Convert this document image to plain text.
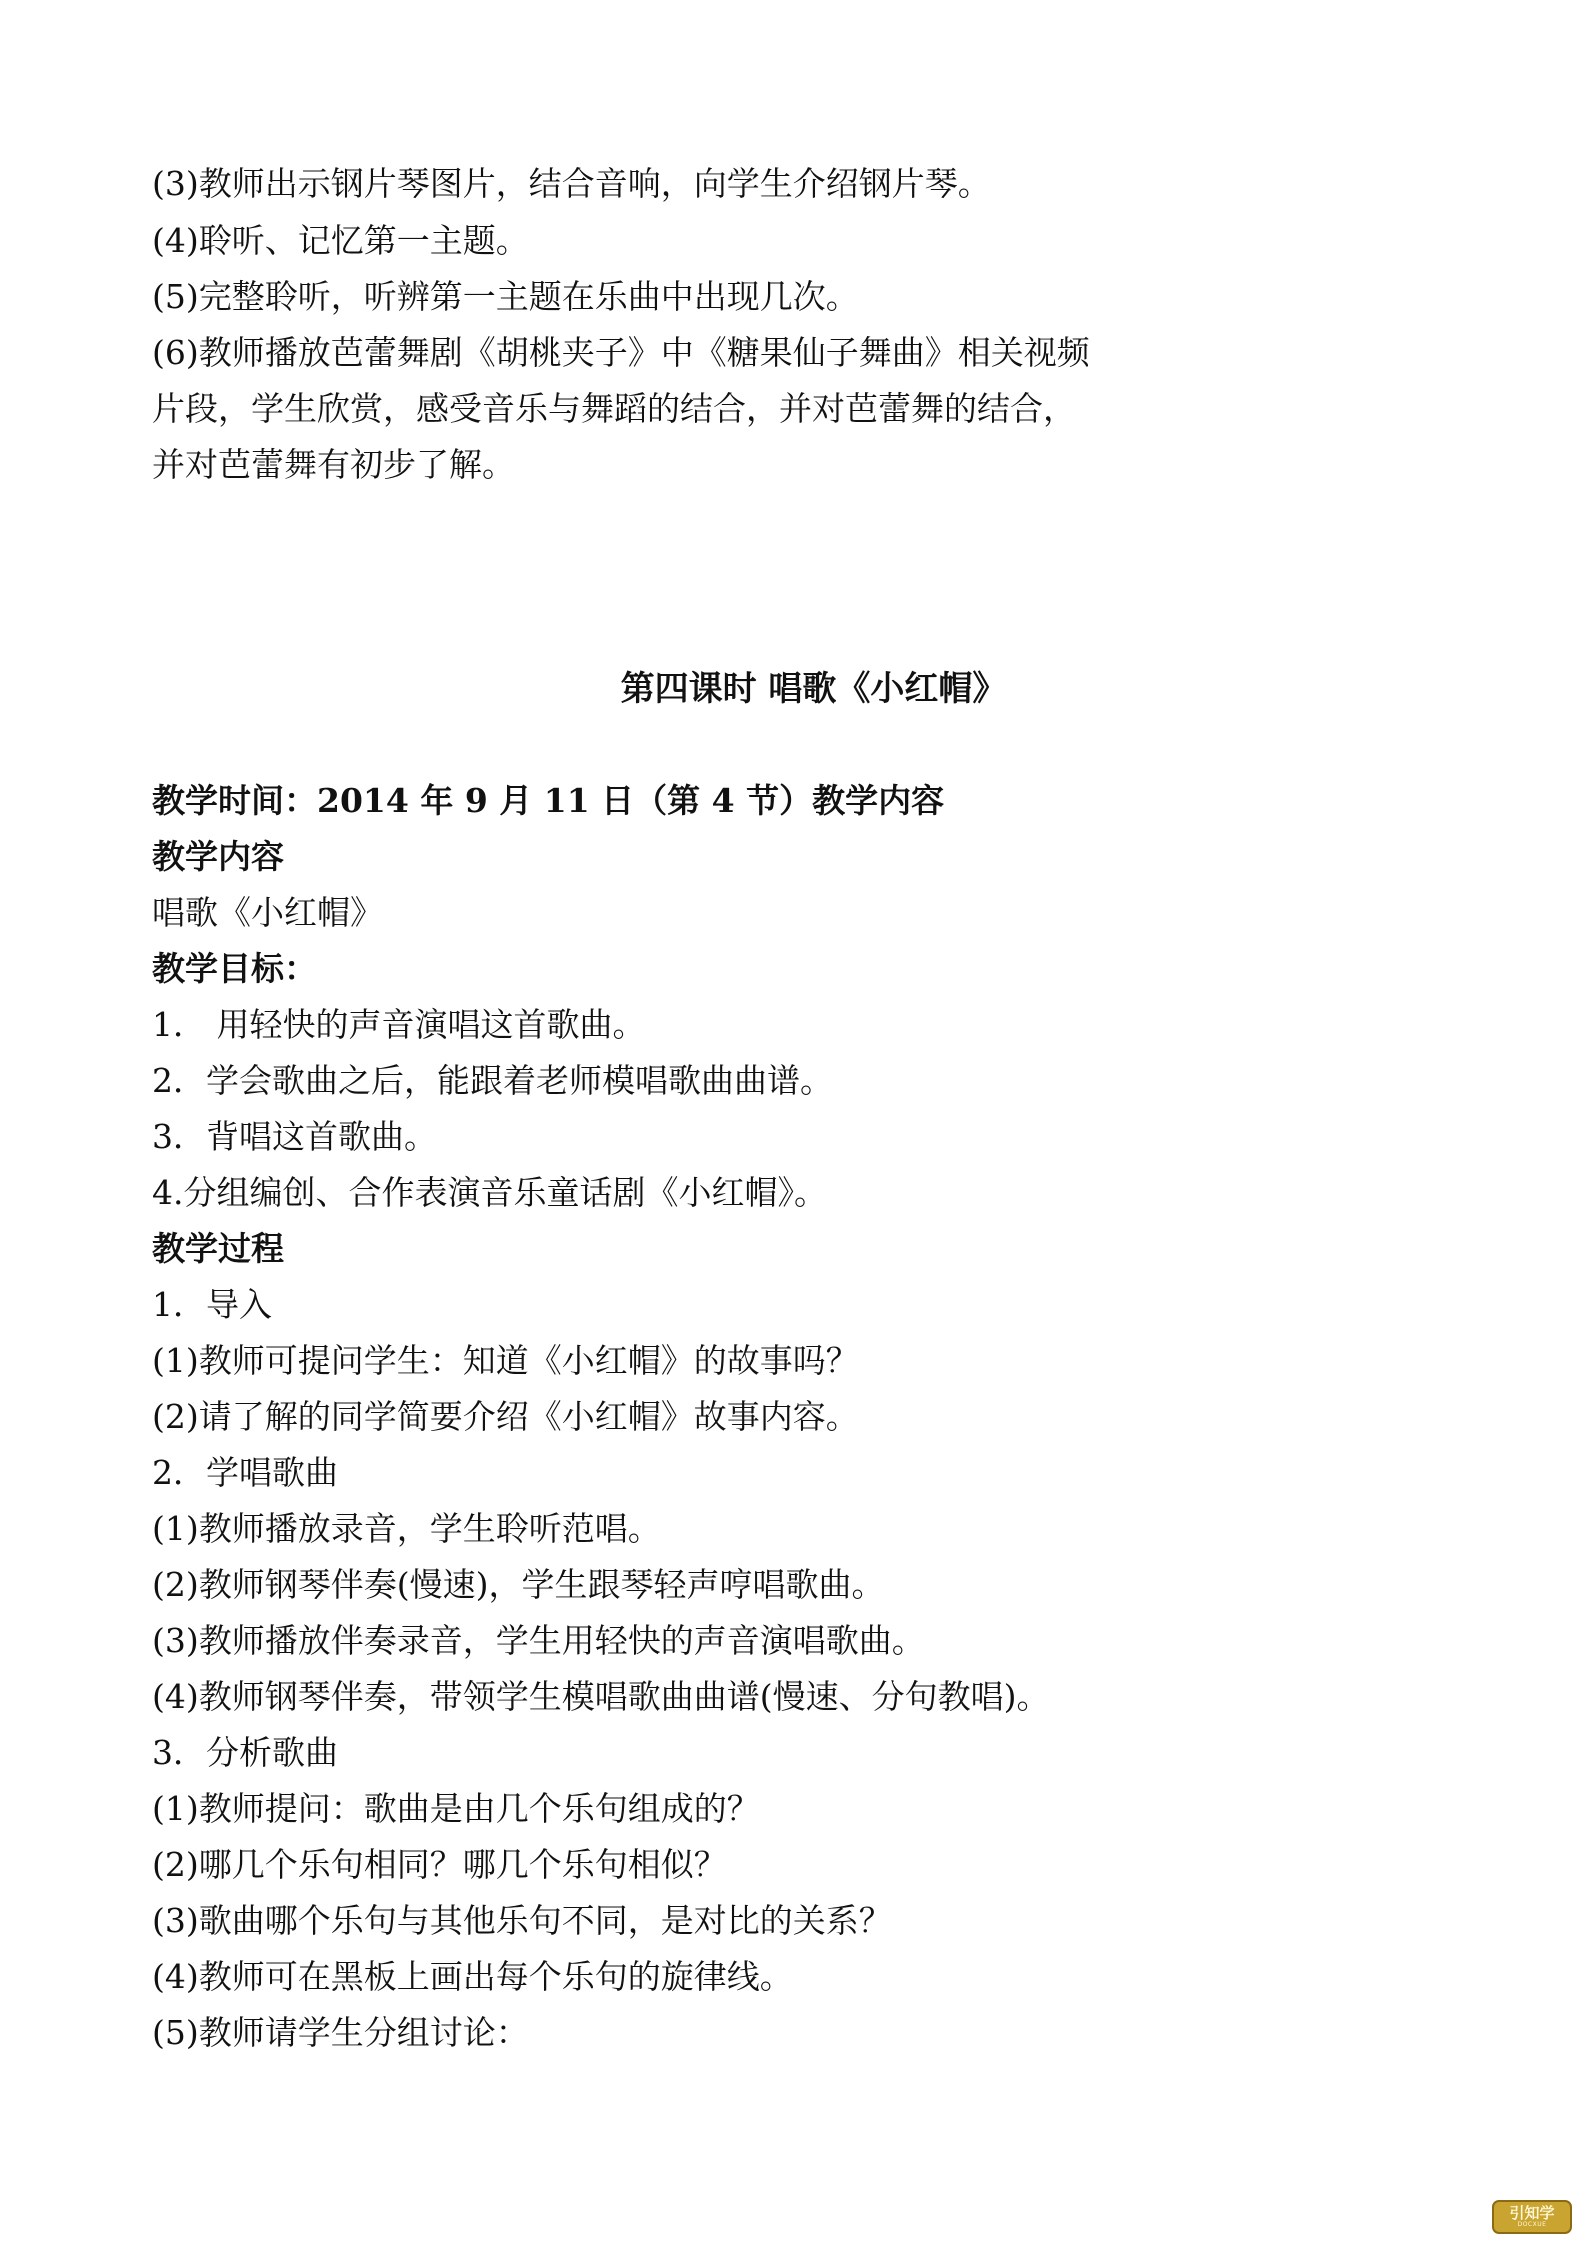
(3)教师出示钢片琴图片，结合音响，向学生介绍钢片琴。
(4)聆听、记忆第一主题。
(5)完整聆听，听辨第一主题在乐曲中出现几次。
(6)教师播放芭蕾舞剧《胡桃夹子》中《糖果仙子舞曲》相关视频
片段，学生欣赏，感受音乐与舞蹈的结合，并对芭蕾舞的结合，
并对芭蕾舞有初步了解。
第四课时 唱歌《小红帽》
教学时间：2014 年 9 月 11 日（第 4 节）教学内容
教学内容
唱歌《小红帽》
教学目标：
1． 用轻快的声音演唱这首歌曲。
2．学会歌曲之后，能跟着老师模唱歌曲曲谱。
3．背唱这首歌曲。
4.分组编创、合作表演音乐童话剧《小红帽》。
教学过程
1．导入
(1)教师可提问学生：知道《小红帽》的故事吗？
(2)请了解的同学简要介绍《小红帽》故事内容。
2．学唱歌曲
(1)教师播放录音，学生聆听范唱。
(2)教师钢琴伴奏(慢速)，学生跟琴轻声哼唱歌曲。
(3)教师播放伴奏录音，学生用轻快的声音演唱歌曲。
(4)教师钢琴伴奏，带领学生模唱歌曲曲谱(慢速、分句教唱)。
3．分析歌曲
(1)教师提问：歌曲是由几个乐句组成的？
(2)哪几个乐句相同？哪几个乐句相似？
(3)歌曲哪个乐句与其他乐句不同，是对比的关系？
(4)教师可在黑板上画出每个乐句的旋律线。
(5)教师请学生分组讨论：
引知学
DOCXUE
